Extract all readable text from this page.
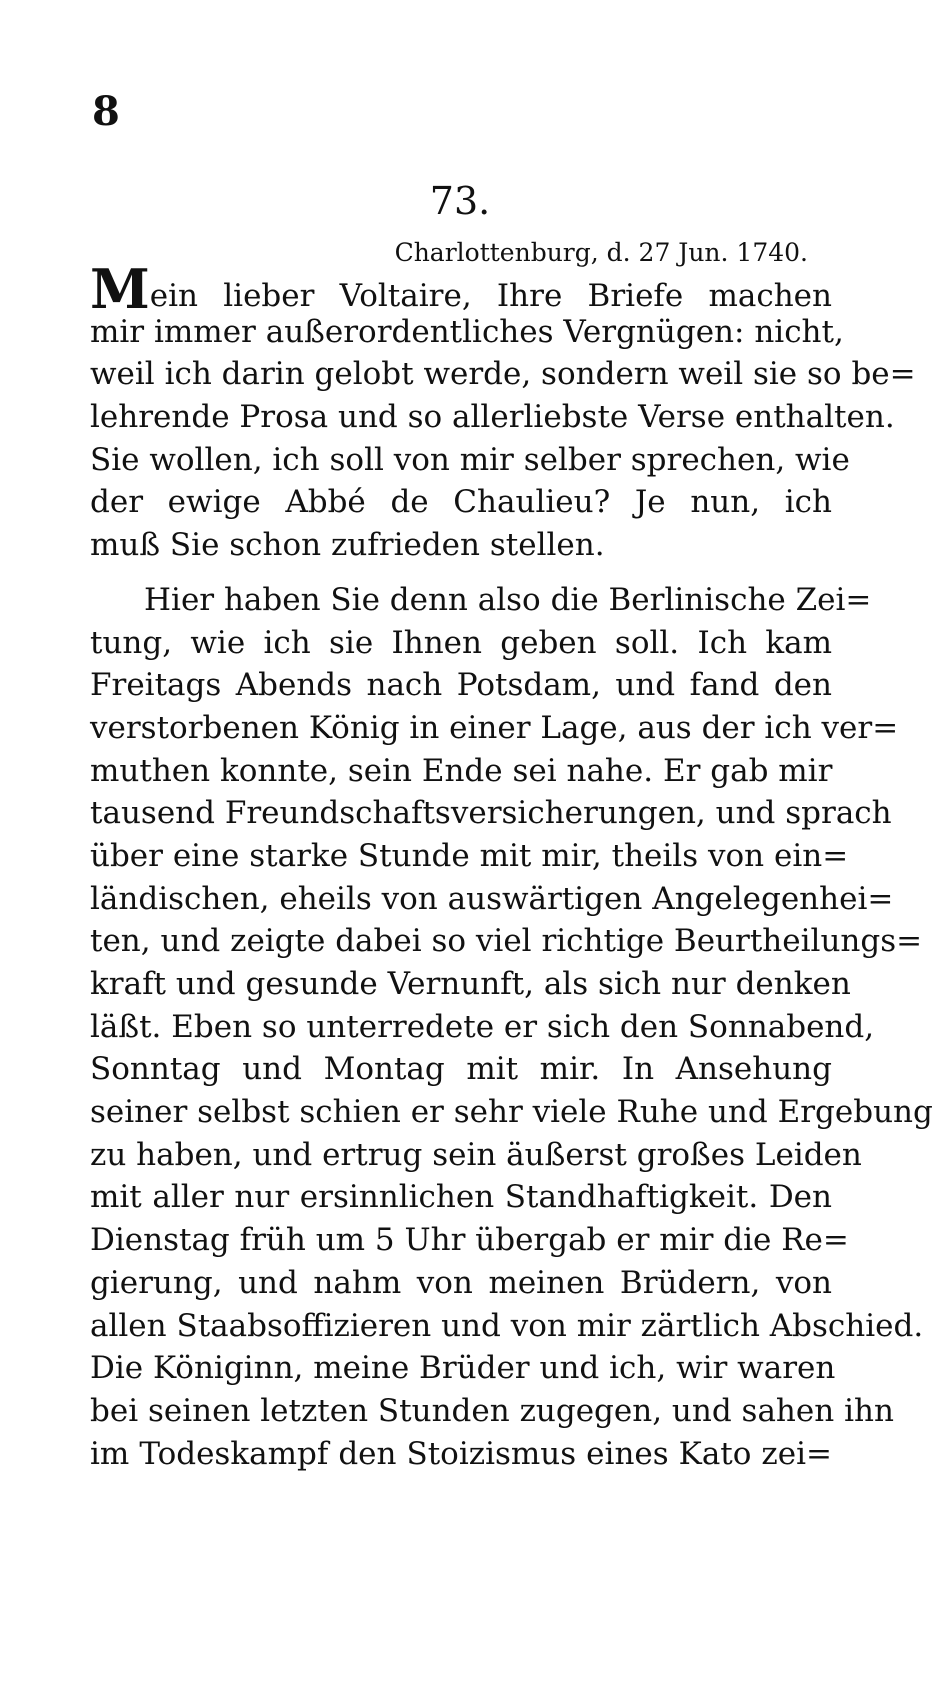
8
73.
Charlottenburg, d. 27 Jun. 1740.
Mein lieber Voltaire, Ihre Briefe machen
mir immer außerordentliches Vergnügen: nicht,
weil ich darin gelobt werde, sondern weil sie so be=
lehrende Prosa und so allerliebste Verse enthalten.
Sie wollen, ich soll von mir selber sprechen, wie
der ewige Abbé de Chaulieu? Je nun, ich
muß Sie schon zufrieden stellen.
Hier haben Sie denn also die Berlinische Zei=
tung, wie ich sie Ihnen geben soll. Ich kam
Freitags Abends nach Potsdam, und fand den
verstorbenen König in einer Lage, aus der ich ver=
muthen konnte, sein Ende sei nahe. Er gab mir
tausend Freundschaftsversicherungen, und sprach
über eine starke Stunde mit mir, theils von ein=
ländischen, eheils von auswärtigen Angelegenhei=
ten, und zeigte dabei so viel richtige Beurtheilungs=
kraft und gesunde Vernunft, als sich nur denken
läßt. Eben so unterredete er sich den Sonnabend,
Sonntag und Montag mit mir. In Ansehung
seiner selbst schien er sehr viele Ruhe und Ergebung
zu haben, und ertrug sein äußerst großes Leiden
mit aller nur ersinnlichen Standhaftigkeit. Den
Dienstag früh um 5 Uhr übergab er mir die Re=
gierung, und nahm von meinen Brüdern, von
allen Staabsoffizieren und von mir zärtlich Abschied.
Die Königinn, meine Brüder und ich, wir waren
bei seinen letzten Stunden zugegen, und sahen ihn
im Todeskampf den Stoizismus eines Kato zei=
